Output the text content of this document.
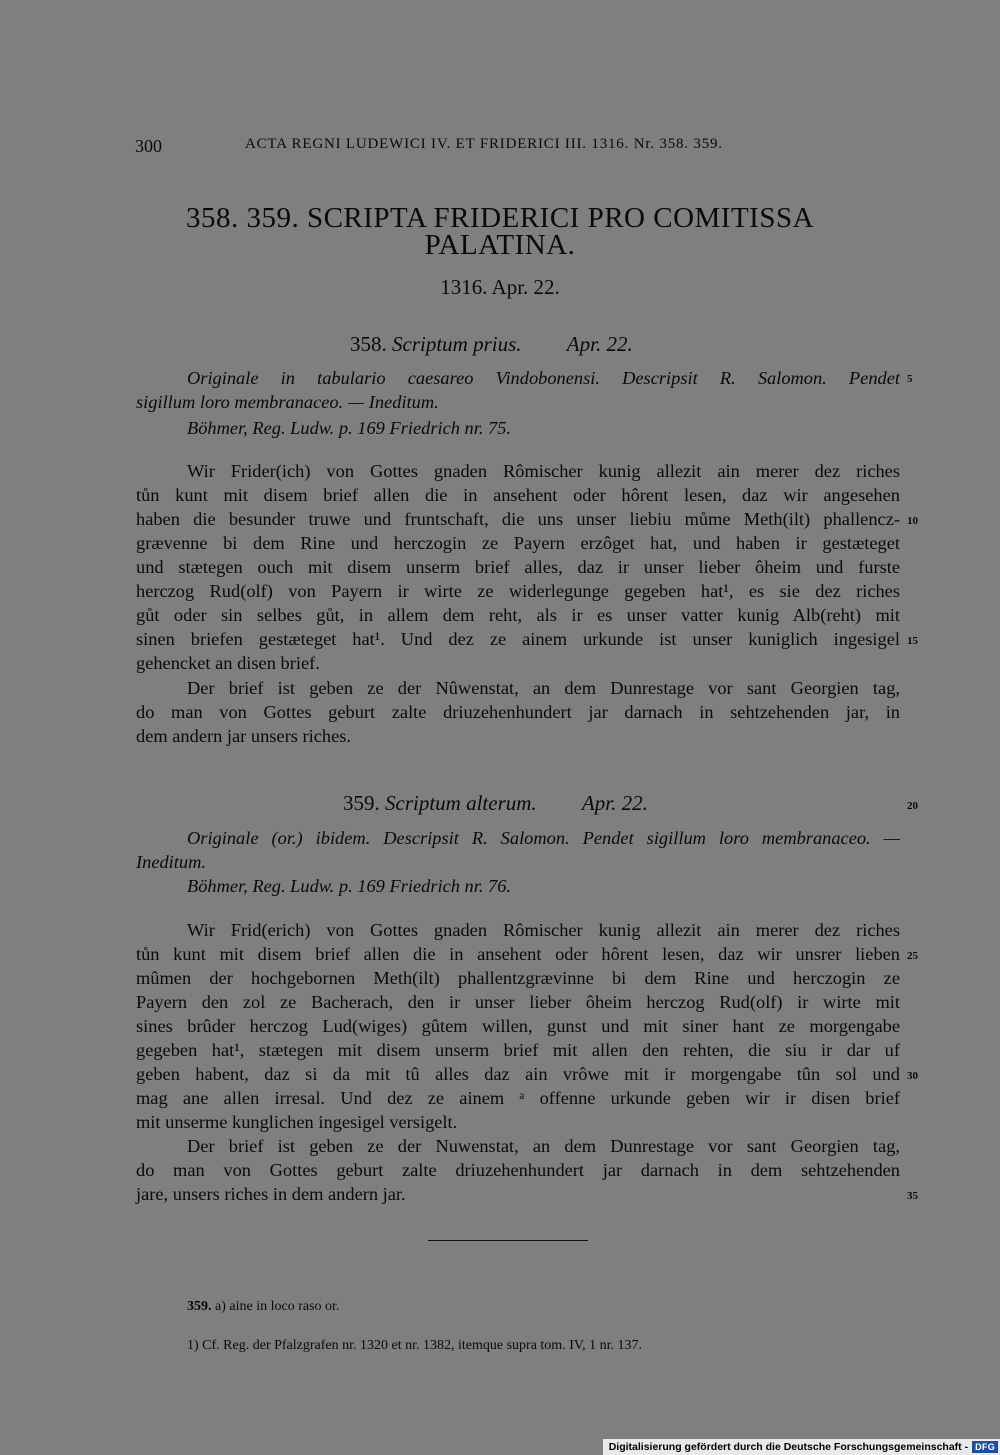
300	ACTA REGNI LUDEWICI IV. ET FRIDERICI III. 1316. Nr. 358. 359.
358. 359. SCRIPTA FRIDERICI PRO COMITISSA
PALATINA.
1316. Apr. 22.
358. Scriptum prius. Apr. 22.
Originale in tabulario caesareo Vindobonensi. Descripsit R. Salomon. Pendet
sigillum loro membranaceo. — Ineditum.
Böhmer, Reg. Ludw. p. 169 Friedrich nr. 75.
Wir Frider(ich) von Gottes gnaden Rômischer kunig allezit ain merer dez riches
tůn kunt mit disem brief allen die in ansehent oder hôrent lesen, daz wir angesehen
haben die besunder truwe und fruntschaft, die uns unser liebiu můme Meth(ilt) phallencz-
grævenne bi dem Rine und herczogin ze Payern erzôget hat, und haben ir gestæteget
und stætegen ouch mit disem unserm brief alles, daz ir unser lieber ôheim und furste
herczog Rud(olf) von Payern ir wirte ze widerlegunge gegeben hat¹, es sie dez riches
gůt oder sin selbes gůt, in allem dem reht, als ir es unser vatter kunig Alb(reht) mit
sinen briefen gestæteget hat¹. Und dez ze ainem urkunde ist unser kuniglich ingesigel
gehencket an disen brief.
Der brief ist geben ze der Nûwenstat, an dem Dunrestage vor sant Georgien tag,
do man von Gottes geburt zalte driuzehenhundert jar darnach in sehtzehenden jar, in
dem andern jar unsers riches.
359. Scriptum alterum. Apr. 22.
Originale (or.) ibidem. Descripsit R. Salomon. Pendet sigillum loro membranaceo. —
Ineditum.
Böhmer, Reg. Ludw. p. 169 Friedrich nr. 76.
Wir Frid(erich) von Gottes gnaden Rômischer kunig allezit ain merer dez riches
tůn kunt mit disem brief allen die in ansehent oder hôrent lesen, daz wir unsrer lieben
mûmen der hochgebornen Meth(ilt) phallentzgrævinne bi dem Rine und herczogin ze
Payern den zol ze Bacherach, den ir unser lieber ôheim herczog Rud(olf) ir wirte mit
sines brûder herczog Lud(wiges) gûtem willen, gunst und mit siner hant ze morgengabe
gegeben hat¹, stætegen mit disem unserm brief mit allen den rehten, die siu ir dar uf
geben habent, daz si da mit tû alles daz ain vrôwe mit ir morgengabe tûn sol und
mag ane allen irresal. Und dez ze ainem ᵃ offenne urkunde geben wir ir disen brief
mit unserme kunglichen ingesigel versigelt.
Der brief ist geben ze der Nuwenstat, an dem Dunrestage vor sant Georgien tag,
do man von Gottes geburt zalte driuzehenhundert jar darnach in dem sehtzehenden
jare, unsers riches in dem andern jar.
5
10
15
20
25
30
35
359. a) aine in loco raso or.
1) Cf. Reg. der Pfalzgrafen nr. 1320 et nr. 1382, itemque supra tom. IV, 1 nr. 137.
Digitalisierung gefördert durch die Deutsche Forschungsgemeinschaft - DFG
